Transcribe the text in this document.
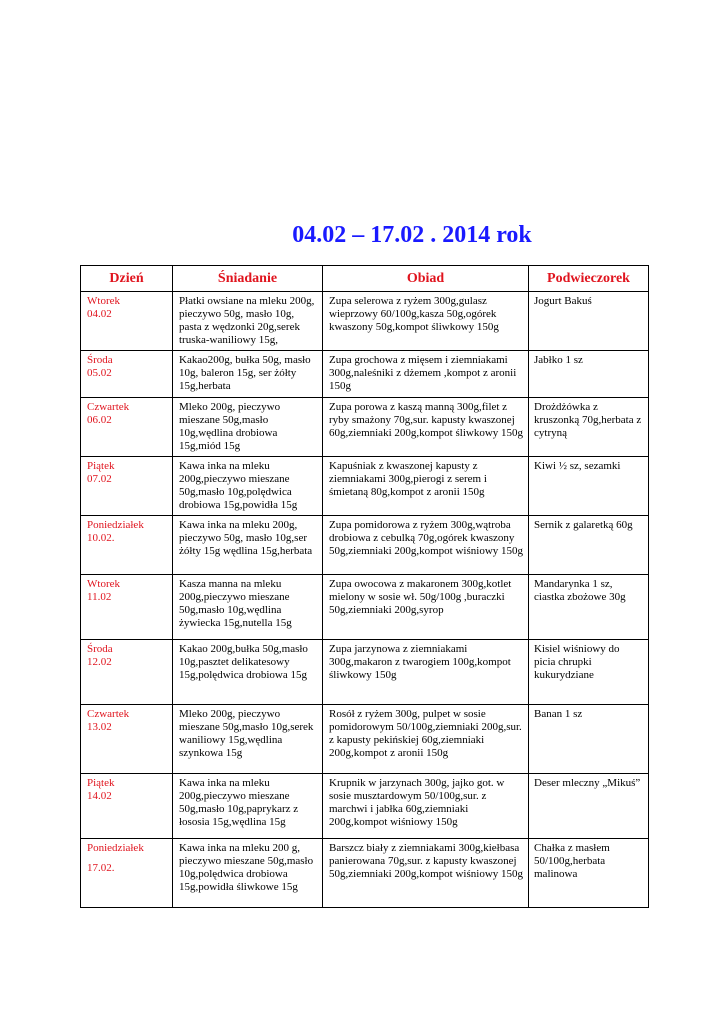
04.02 – 17.02 . 2014 rok
Dzień	Śniadanie	Obiad	Podwieczorek
Wtorek
04.02	Płatki owsiane na mleku 200g, pieczywo 50g, masło 10g, pasta z wędzonki 20g,serek truska-waniliowy 15g,	Zupa selerowa z ryżem 300g,gulasz wieprzowy 60/100g,kasza 50g,ogórek kwaszony 50g,kompot śliwkowy 150g	Jogurt Bakuś
Środa
05.02	Kakao200g, bułka 50g, masło 10g, baleron 15g, ser żółty 15g,herbata	Zupa grochowa z mięsem i ziemniakami 300g,naleśniki z dżemem ,kompot z aronii 150g	Jabłko 1 sz
Czwartek
06.02	Mleko 200g, pieczywo mieszane 50g,masło 10g,wędlina drobiowa 15g,miód 15g	Zupa porowa z kaszą manną 300g,filet z ryby smażony 70g,sur. kapusty kwaszonej 60g,ziemniaki 200g,kompot śliwkowy 150g	Drożdżówka z kruszonką 70g,herbata z cytryną
Piątek
07.02	Kawa inka na mleku 200g,pieczywo mieszane 50g,masło 10g,polędwica drobiowa 15g,powidła 15g	Kapuśniak z kwaszonej kapusty z ziemniakami 300g,pierogi z serem i śmietaną 80g,kompot z aronii 150g	Kiwi ½ sz, sezamki
Poniedziałek
10.02.	Kawa inka na mleku 200g, pieczywo 50g, masło 10g,ser żółty 15g wędlina 15g,herbata	Zupa pomidorowa z ryżem 300g,wątroba drobiowa z cebulką 70g,ogórek kwaszony 50g,ziemniaki 200g,kompot wiśniowy 150g	Sernik z galaretką 60g
Wtorek
11.02	Kasza manna na mleku 200g,pieczywo mieszane 50g,masło 10g,wędlina żywiecka 15g,nutella 15g	Zupa owocowa z makaronem 300g,kotlet mielony w sosie wł. 50g/100g ,buraczki 50g,ziemniaki 200g,syrop	Mandarynka 1 sz, ciastka zbożowe 30g
Środa
12.02	Kakao 200g,bułka 50g,masło 10g,pasztet delikatesowy 15g,polędwica drobiowa 15g	Zupa jarzynowa z ziemniakami 300g,makaron z twarogiem 100g,kompot śliwkowy 150g	Kisiel wiśniowy do picia chrupki kukurydziane
Czwartek
13.02	Mleko 200g, pieczywo mieszane 50g,masło 10g,serek waniliowy 15g,wędlina szynkowa 15g	Rosół z ryżem 300g, pulpet w sosie pomidorowym 50/100g,ziemniaki 200g,sur. z kapusty pekińskiej 60g,ziemniaki 200g,kompot z aronii 150g	Banan 1 sz
Piątek
14.02	Kawa inka na mleku 200g,pieczywo mieszane 50g,masło 10g,paprykarz z łososia 15g,wędlina 15g	Krupnik w jarzynach 300g, jajko got. w sosie musztardowym 50/100g,sur. z marchwi i jabłka 60g,ziemniaki 200g,kompot wiśniowy 150g	Deser mleczny „Mikuś”
Poniedziałek
17.02.	Kawa inka na mleku 200 g, pieczywo mieszane 50g,masło 10g,polędwica drobiowa 15g,powidła śliwkowe 15g	Barszcz biały z ziemniakami 300g,kiełbasa panierowana 70g,sur. z kapusty kwaszonej 50g,ziemniaki 200g,kompot wiśniowy 150g	Chałka z masłem 50/100g,herbata malinowa
